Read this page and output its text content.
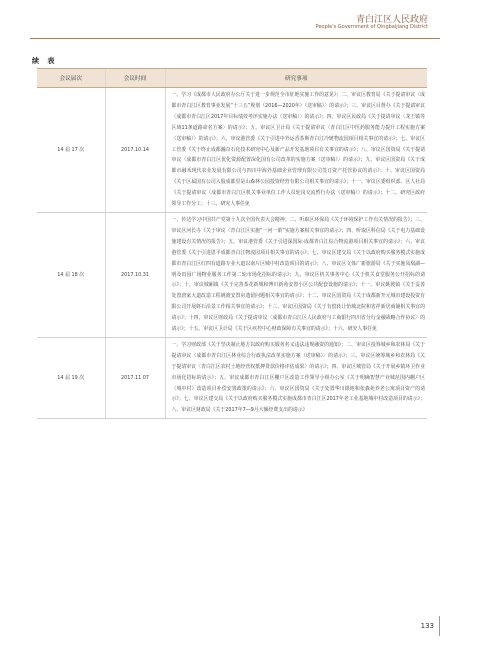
青白江区人民政府
People's Government of Qingbaijiang District
续 表
会议届次	会议时间	研究事项
14 届 17 次	2017.10.14	一、学习《成都市人民政府办公厅关于进一步规范全市征地实施工作的意见》；二、审议区教育局《关于提请审议〈成都市青白江区教育事业发展“十三五”规划（2016—2020年）（送审稿）〉的请示》；三、审议区目督办《关于提请审议〈成都市青白江区2017年目标绩效考评实施办法（送审稿）〉的请示》；四、审议区民政局《关于提请审议〈龙王镇等区域11条道路命名方案〉的请示》；五、审议区卫计局《关于提请审议〈青白江区中医药服务能力提升工程实施方案（送审稿）〉的请示》；六、审议港管委《关于引进中外运香茶斯青白江冷链物流园项目相关事宜的请示》；七、审议区工管委《关于终止成都瀚奇石化技术研究中心及新产品开发基地项目有关事宜的请示》；八、审议区国资局《关于提请审议〈成都市青白江区优化资源配置深化国有公司改革的实施方案（送审稿）〉的请示》；九、审议区国资局《关于成都市融禾现代农业发展有限公司与四川中海外基础企业管理有限公司签订资产托管协议的请示》；十、审议区国资局《关于区属国有公司入股成都里是山森林公园投资经营有限公司相关事宜的请示》；十一、审议区委组织部、区人社局《关于提请审议〈成都市青白江区机关事业单位工作人员轮岗交流暂行办法（送审稿）〉的请示》；十二、研究区政府领导工作分工；十三、研究人事任免
14 届 18 次	2017.10.31	一、传达学习中国共产党第十九次全国代表大会精神；二、听取区环保局《关于环境保护工作有关情况的报告》；三、审议区河长办《关于审议〈青白江区实施“一河一策”实施方案相关事宜的请示》；四、听取区科信局《关于电力基础设施建设有关情况的报告》；五、审议港管委《关于引进深国际·成都青白江综合物流港项目相关事宜的请示》；六、审议港管委《关于引进恩平成都青白江物流园项目相关事宜的请示》；七、审议区建交局《关于以政府购买服务模式实施成都市青白江区红四有道路专业大道以南片区城中村改造项目的请示》；八、审议区文体广新旅游局《关于实施凤凰湖—明及田园广场物业服务工作第二轮市场化招标的请示》；九、审议区机关事务中心《关于机关食堂服务公开招标的请示》；十、审议城厢镇《关于完善茶花新城和博川新苑安置小区公共配套设施的请示》；十一、审议姚渡镇《关于妥善处置唐家大道改造工程姚渡安置房遗留问题相关事宜的请示》；十二、审议区国资局《关于成都新开元城市建设投资有限公司开展虾石沿景工作相关事宜的请示》；十三、审议区国资局《关于有偿转让怡城北院和省祥新居商铺相关事宜的请示》；十四、审议区财政局《关于提请审议〈成都市青白江区人民政府与工商银行四川省分行金融战略合作协议〉的请示》；十五、审议区卫计局《关于区疾控中心财政保障有关事宜的请示》；十六、研究人事任免
14 届 19 次	2017.11.07	一、学习财政部《关于坚决制止地方以政府购买服务名义违法违规融资的通知》；二、审议区投筹城乡和农林局《关于提请审议〈成都市青白江区林业综合行政执法改革实施方案（送审稿）〉的请示》；三、审议区统筹城乡和农林局《关于提请审议〈青白江区农村土地经营权抵押贷款价格评估成果〉的请示》；四、审议区城管局《关于开展乡镇环卫作业市场化招标的请示》；五、审议成都市青白江区棚户区改造工作领导小组办公室《关于明确智慧产业城范围内棚户区（城中村）改造项目补偿安置政策的请示》；六、审议区国资局《关于处置华川银地和张森苑养老公寓项目资产的请示》；七、审议区建交局《关于以政府购买服务模式实施成都市青白江区2017年老工业基地城中村改造项目的请示》；八、审议区财政局《关于2017年7—9月大额经费支出的请示》
133
